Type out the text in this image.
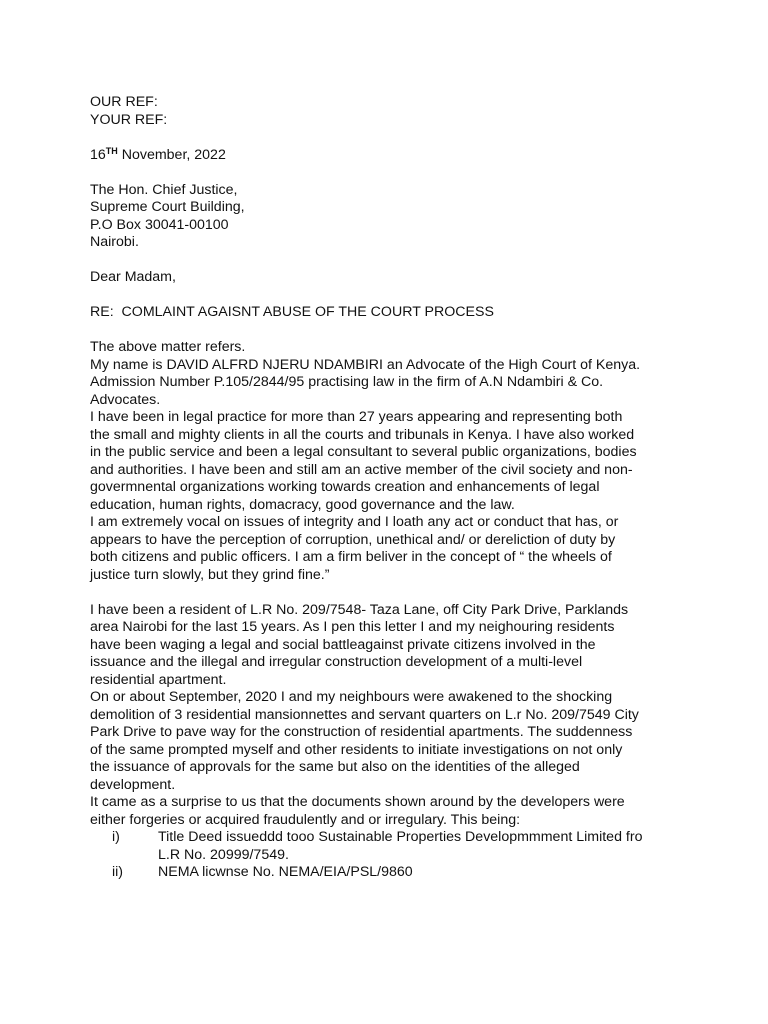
OUR REF:
YOUR REF:
16TH November, 2022
The Hon. Chief Justice,
Supreme Court Building,
P.O Box 30041-00100
Nairobi.
Dear Madam,
RE: COMLAINT AGAISNT ABUSE OF THE COURT PROCESS
The above matter refers.
My name is DAVID ALFRD NJERU NDAMBIRI an Advocate of the High Court of Kenya.
Admission Number P.105/2844/95 practising law in the firm of A.N Ndambiri & Co.
Advocates.
I have been in legal practice for more than 27 years appearing and representing both
the small and mighty clients in all the courts and tribunals in Kenya. I have also worked
in the public service and been a legal consultant to several public organizations, bodies
and authorities. I have been and still am an active member of the civil society and non-
govermnental organizations working towards creation and enhancements of legal
education, human rights, domacracy, good governance and the law.
I am extremely vocal on issues of integrity and I loath any act or conduct that has, or
appears to have the perception of corruption, unethical and/ or dereliction of duty by
both citizens and public officers. I am a firm beliver in the concept of “ the wheels of
justice turn slowly, but they grind fine.”
I have been a resident of L.R No. 209/7548- Taza Lane, off City Park Drive, Parklands
area Nairobi for the last 15 years. As I pen this letter I and my neighouring residents
have been waging a legal and social battleagainst private citizens involved in the
issuance and the illegal and irregular construction development of a multi-level
residential apartment.
On or about September, 2020 I and my neighbours were awakened to the shocking
demolition of 3 residential mansionnettes and servant quarters on L.r No. 209/7549 City
Park Drive to pave way for the construction of residential apartments. The suddenness
of the same prompted myself and other residents to initiate investigations on not only
the issuance of approvals for the same but also on the identities of the alleged
development.
It came as a surprise to us that the documents shown around by the developers were
either forgeries or acquired fraudulently and or irregulary. This being:
i)	Title Deed issueddd tooo Sustainable Properties Developmmment Limited fro
L.R No. 20999/7549.
ii)	NEMA licwnse No. NEMA/EIA/PSL/9860
